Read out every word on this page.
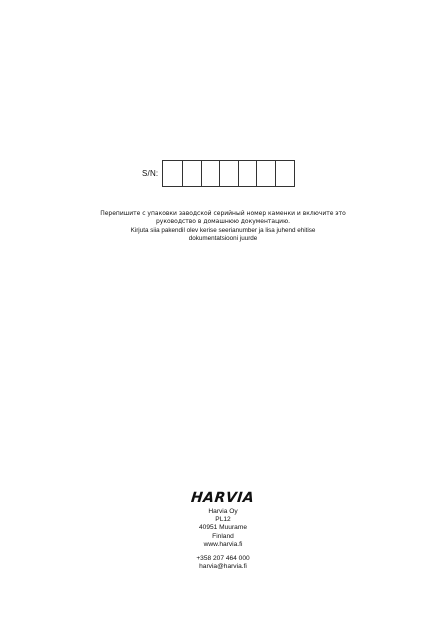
S/N:
Перепишите с упаковки заводской серийный номер каменки и включите это
руководство в домашнюю документацию.
Kirjuta siia pakendil olev kerise seerianumber ja lisa juhend ehitise
dokumentatsiooni juurde
HARVIA
Harvia Oy
PL12
40951 Muurame
Finland
www.harvia.fi
+358 207 464 000
harvia@harvia.fi
